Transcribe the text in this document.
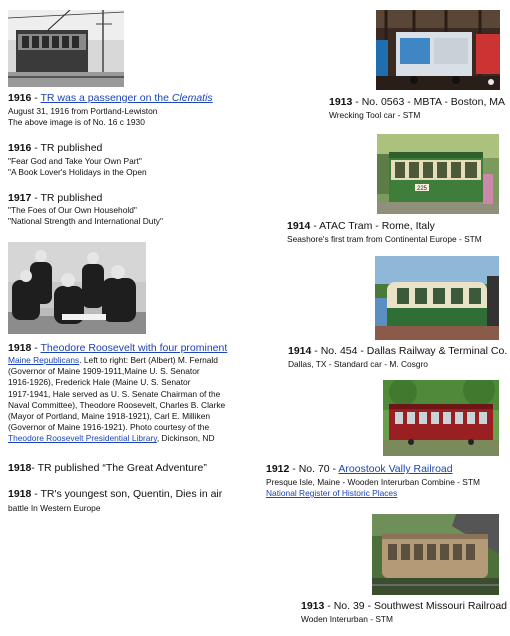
1916 - TR was a passenger on the Clematis
August 31, 1916 from Portland-Lewiston
The above image is of No. 16 c 1930
1916 - TR published
"Fear God and Take Your Own Part"
"A Book Lover's Holidays in the Open
1917 - TR published
"The Foes of Our Own Household"
"National Strength and International Duty"
1918 - Theodore Roosevelt with four prominent
Maine Republicans. Left to right: Bert (Albert) M. Fernald
(Governor of Maine 1909-1911,Maine U. S. Senator
1916-1926), Frederick Hale (Maine U. S. Senator
1917-1941, Hale served as U. S. Senate Chairman of the
Naval Committee), Theodore Roosevelt, Charles B. Clarke
(Mayor of Portland, Maine 1918-1921), Carl E. Milliken
(Governor of Maine 1916-1921). Photo courtesy of the
Theodore Roosevelt Presidential Library, Dickinson, ND
1918- TR published “The Great Adventure”
1918 - TR's youngest son, Quentin, Dies in air
battle In Western Europe
1913 - No. 0563 - MBTA - Boston, MA
Wrecking Tool car - STM
225
1914 - ATAC Tram - Rome, Italy
Seashore's first tram from Continental Europe - STM
1914 - No. 454 - Dallas Railway & Terminal Co.
Dallas, TX - Standard car - M. Cosgro
1912 - No. 70 - Aroostook Vally Railroad
Presque Isle, Maine - Wooden Interurban Combine - STM
National Register of Historic Places
1913 - No. 39 - Southwest Missouri Railroad
Woden Interurban - STM
